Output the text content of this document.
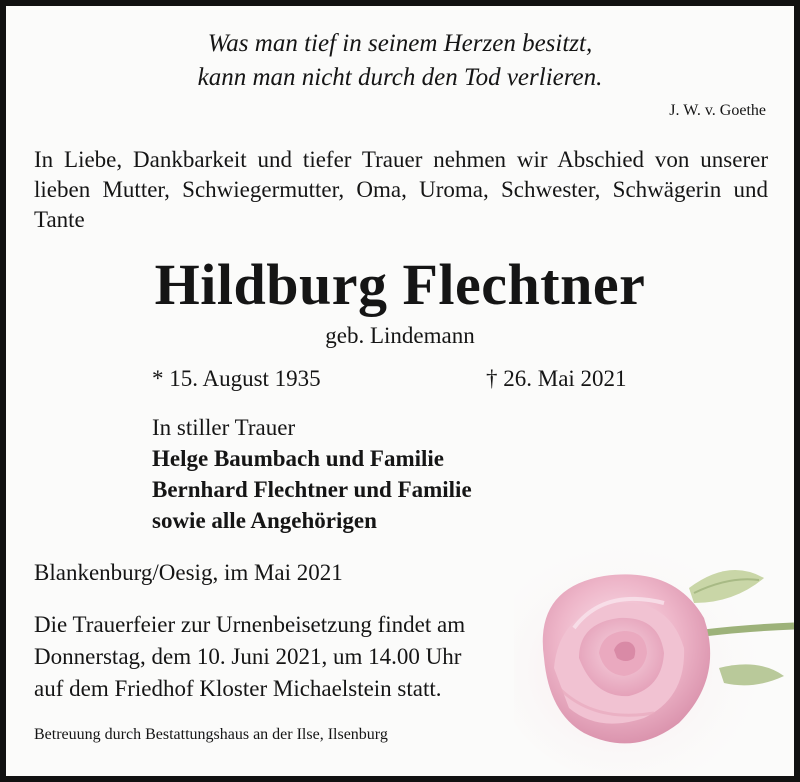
Was man tief in seinem Herzen besitzt,
kann man nicht durch den Tod verlieren.
J. W. v. Goethe
In Liebe, Dankbarkeit und tiefer Trauer nehmen wir Abschied von unserer lieben Mutter, Schwiegermutter, Oma, Uroma, Schwester, Schwägerin und Tante
Hildburg Flechtner
geb. Lindemann
* 15. August 1935	† 26. Mai 2021
In stiller Trauer
Helge Baumbach und Familie
Bernhard Flechtner und Familie
sowie alle Angehörigen
Blankenburg/Oesig, im Mai 2021
Die Trauerfeier zur Urnenbeisetzung findet am
Donnerstag, dem 10. Juni 2021, um 14.00 Uhr
auf dem Friedhof Kloster Michaelstein statt.
Betreuung durch Bestattungshaus an der Ilse, Ilsenburg
